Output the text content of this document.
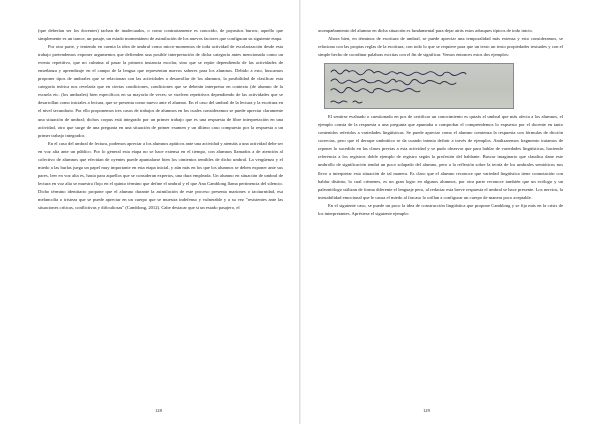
(que deberían ser los docentes) tachan de inadecuados, o como contrariamente es conocido, de payasitos burros; aquello que simplemente es un trance, un pasaje, un estado momentáneo de asimilación de los nuevos factores que configuran su siguiente etapa.

Por otra parte, y teniendo en cuenta la idea de umbral como micro-momentos de toda actividad de escolarización desde esta trabajo pretendemos exponer argumentos que defienden una posible interpretación de dicha categoría antes mencionada como un evento repetitivo, que no culmina al pasar la primera instancia escolar, sino que se repite dependiendo de las actividades de enseñanza y aprendizaje en el campo de la lengua que representan nuevos saberes para los alumnos. Debido a esto, buscamos proponer tipos de umbrales que se relacionan con las actividades a desarrollar de los alumnos, la posibilidad de clasificar esta categoría teórica nos revelaría que en ciertas condiciones, condiciones que se deberán interpretar en contexto (de alumno de la escuela etc. (los umbrales) bien específicos en su mayoría de veces; se vuelven repetitivos dependiendo de las actividades que se desarrollan como iniciales a lectura, que se presenta como nuevo ante el alumno. En el caso del umbral de la lectura y la escritura en el nivel secundario. Por ello proponemos tres casos de trabajos de alumnos en los cuales consideramos se puede apreciar claramente una situación de umbral; dichos corpus está integrado por un primer trabajo que es una respuesta de libre interpretación en una actividad, otro que surge de una pregunta en una situación de primer examen y un último caso compuesto por la respuesta a un primer trabajo integrador.

En el caso del umbral de lectura, podemos apreciar a los alumnos apáticos ante una actividad y atemáis a una actividad debe ser en voz alta ante un público. Por lo general esta etapa no se hace extensa en el tiempo, con alumnos llamados a de atención al colectivo de alumnos que efectúan de oyentes puede apuntalarse bien los cimientos temibles de dicho umbral. La vergüenza y el miedo a las burlas juega un papel muy importante en esta etapa inicial, y aún más en los que los alumnos se deben exponer ante sus pares, leer en voz alta es, hasta para aquellos que se consideran expertos, una dura empleada. Un alumno en situación de umbral de lectura en voz alta se muestra flojo en el quinto término que define el umbral y el que Ana Camblong llama pertinencia del silencio. Dicho término identitario propone que el alumno durante la asimilación de este proceso presenta mariones o taciturnidad, esa melancolía o tristeza que se puede apreciar en un cuerpo que se muestra indefenso y vulnerable y a su vez "resistentes ante las situaciones críticas, conflictivas y dificultosas" (Camblong, 2012). Cabe destacar que si un estado pasajero, el

128

acompañamiento del alumno en dicha situación es fundamental para dejar atrás estos adusques típicos de todo inicio.

Ahora bien, en términos de escritura de umbral, se puede apreciar una temporalidad más extensa y esto consideramos, se relaciona con las propias reglas de la escritura, con todo lo que se requiere para que un texto un texto propiedades textuales y con el simple hecho de coordinar palabras escritas con el fin de significar. Vemos entonces estos dos ejemplos:

El sentirse evaluado o cuestionado en pos de certificar un conocimiento es quizás el umbral que más afecta a los alumnos, el ejemplo consta de la respuesta a una pregunta que apuntaba a comprobar el comprendemos lo expuesto por el docente en tanto contenidos referidos a variedades lingüísticas. Se puede apreciar como el alumno comienza la respuesta con fórmulas de dicción correctas, pero que el derrape umbrático se da cuando intenta definir a través de ejemplos. Analizaremos fragmento tratamos de reponer lo sucedido en las clases previas a esta actividad y se pudo observar que para hablar de variedades lingüísticas, haciendo referencia a los registros doble ejemplo de registro según la profesión del hablante. Buscar imaginario que claudica dane este umbrollo de significación tendrá un poco solapado del alumno, pero a la reflexión sobre la teoría de los umbrales semióticos nos llevo a interpretar esta situación de tal manera. Es claro que el alumno reconoce que variedad lingüística tiene connotación con hablar distinto, lo cual crímenes, es un gran logro en algunos alumnos, por otra parte reconoce también que un ecólogo y un paleontólogo utilizan de forma diferente el lenguaje pero, al redactar esta breve respuesta el umbral se hace presente. Los nervios, la inestabilidad emocional que le causa el miedo al fracaso lo orillan a configurar un cuerpo de manera poco aceptable.

En el siguiente caso, se puede un poco la idea de construcción lingüística que propone Camblong y se fija más en la crisis de los interpretantes. Aprésiese el siguiente ejemplo:

129
